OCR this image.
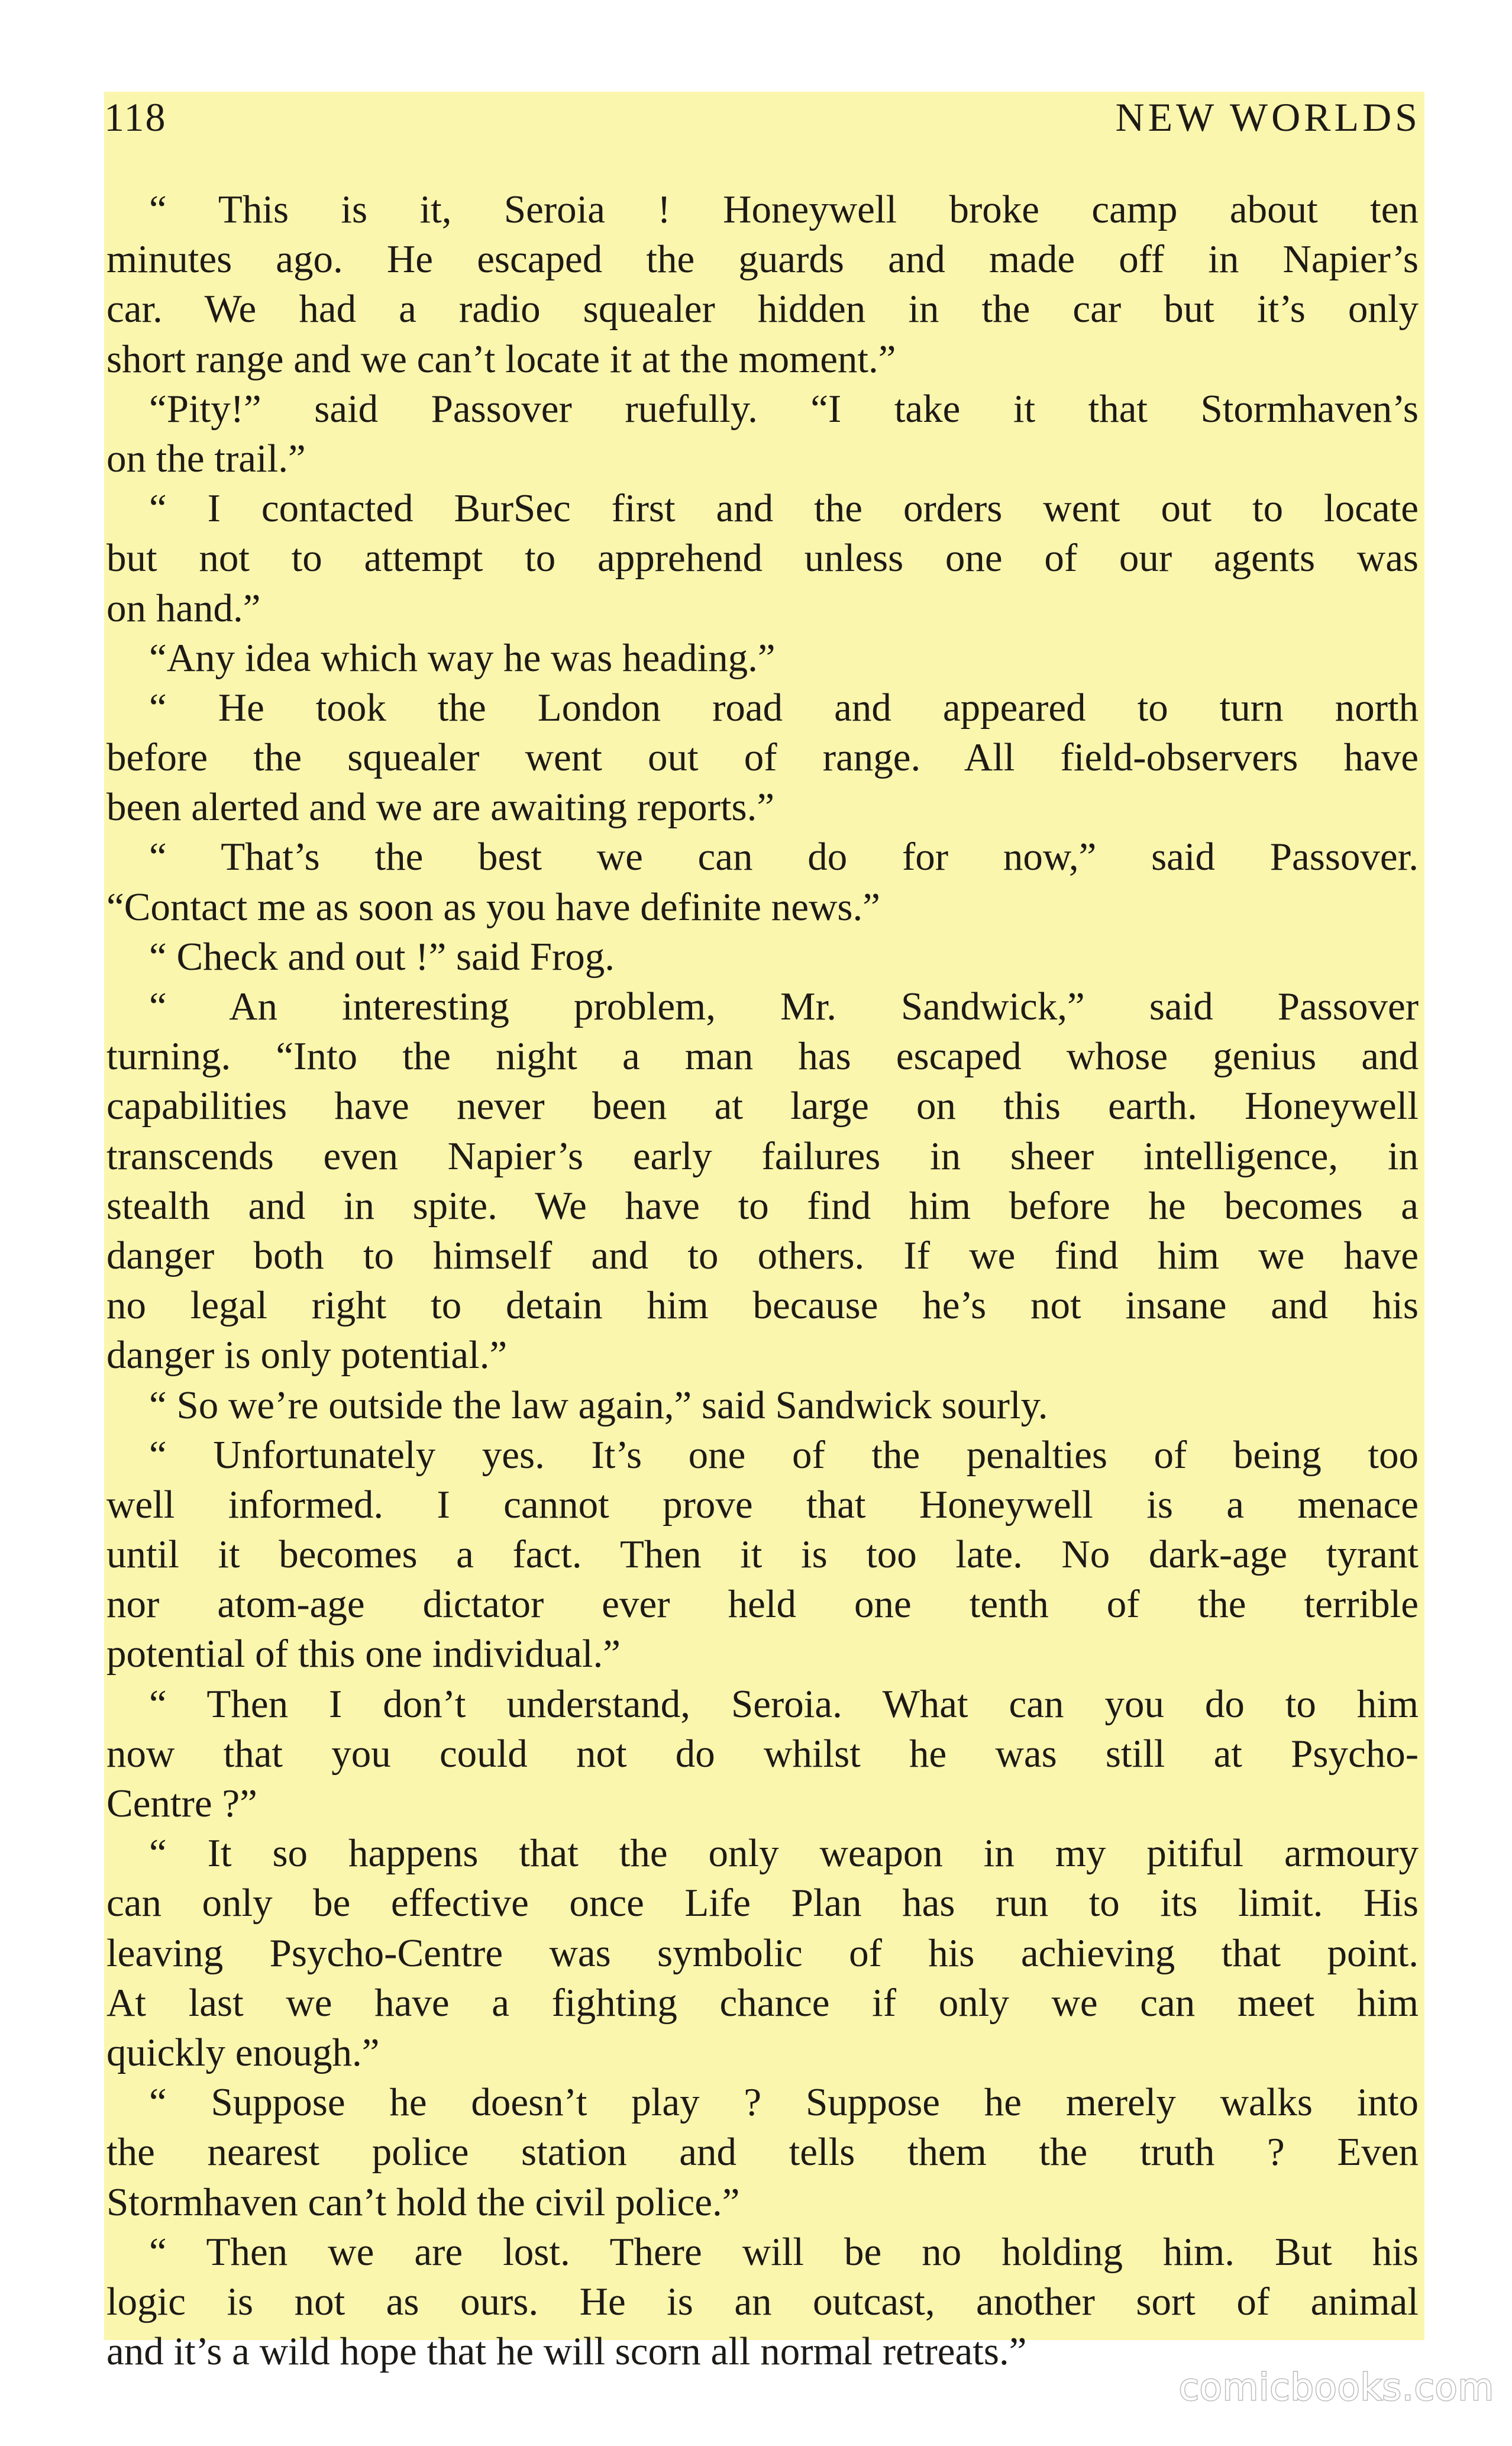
118	NEW WORLDS
“ This is it, Seroia ! Honeywell broke camp about ten
minutes ago. He escaped the guards and made off in Napier’s
car. We had a radio squealer hidden in the car but it’s only
short range and we can’t locate it at the moment.”
“Pity!” said Passover ruefully. “I take it that Stormhaven’s
on the trail.”
“ I contacted BurSec first and the orders went out to locate
but not to attempt to apprehend unless one of our agents was
on hand.”
“Any idea which way he was heading.”
“ He took the London road and appeared to turn north
before the squealer went out of range. All field-observers have
been alerted and we are awaiting reports.”
“ That’s the best we can do for now,” said Passover.
“Contact me as soon as you have definite news.”
“ Check and out !” said Frog.
“ An interesting problem, Mr. Sandwick,” said Passover
turning. “Into the night a man has escaped whose genius and
capabilities have never been at large on this earth. Honeywell
transcends even Napier’s early failures in sheer intelligence, in
stealth and in spite. We have to find him before he becomes a
danger both to himself and to others. If we find him we have
no legal right to detain him because he’s not insane and his
danger is only potential.”
“ So we’re outside the law again,” said Sandwick sourly.
“ Unfortunately yes. It’s one of the penalties of being too
well informed. I cannot prove that Honeywell is a menace
until it becomes a fact. Then it is too late. No dark-age tyrant
nor atom-age dictator ever held one tenth of the terrible
potential of this one individual.”
“ Then I don’t understand, Seroia. What can you do to him
now that you could not do whilst he was still at Psycho-
Centre ?”
“ It so happens that the only weapon in my pitiful armoury
can only be effective once Life Plan has run to its limit. His
leaving Psycho-Centre was symbolic of his achieving that point.
At last we have a fighting chance if only we can meet him
quickly enough.”
“ Suppose he doesn’t play ? Suppose he merely walks into
the nearest police station and tells them the truth ? Even
Stormhaven can’t hold the civil police.”
“ Then we are lost. There will be no holding him. But his
logic is not as ours. He is an outcast, another sort of animal
and it’s a wild hope that he will scorn all normal retreats.”
comicbooks.com
